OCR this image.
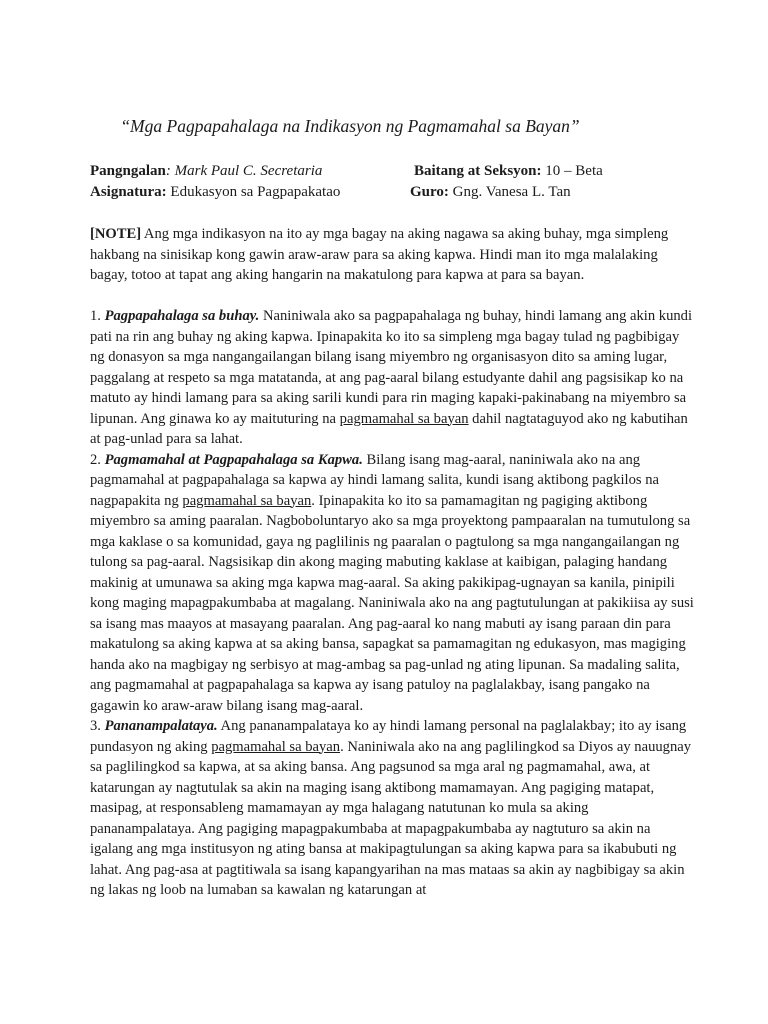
“Mga Pagpapahalaga na Indikasyon ng Pagmamahal sa Bayan”
Pangngalan: Mark Paul C. Secretaria	Baitang at Seksyon: 10 – Beta
Asignatura: Edukasyon sa Pagpapakatao	Guro: Gng. Vanesa L. Tan

[NOTE] Ang mga indikasyon na ito ay mga bagay na aking nagawa sa aking buhay, mga simpleng hakbang na sinisikap kong gawin araw-araw para sa aking kapwa. Hindi man ito mga malalaking bagay, totoo at tapat ang aking hangarin na makatulong para kapwa at para sa bayan.

1. Pagpapahalaga sa buhay. Naniniwala ako sa pagpapahalaga ng buhay, hindi lamang ang akin kundi pati na rin ang buhay ng aking kapwa. Ipinapakita ko ito sa simpleng mga bagay tulad ng pagbibigay ng donasyon sa mga nangangailangan bilang isang miyembro ng organisasyon dito sa aming lugar, paggalang at respeto sa mga matatanda, at ang pag-aaral bilang estudyante dahil ang pagsisikap ko na matuto ay hindi lamang para sa aking sarili kundi para rin maging kapaki-pakinabang na miyembro sa lipunan. Ang ginawa ko ay maituturing na pagmamahal sa bayan dahil nagtataguyod ako ng kabutihan at pag-unlad para sa lahat.

2. Pagmamahal at Pagpapahalaga sa Kapwa. Bilang isang mag-aaral, naniniwala ako na ang pagmamahal at pagpapahalaga sa kapwa ay hindi lamang salita, kundi isang aktibong pagkilos na nagpapakita ng pagmamahal sa bayan. Ipinapakita ko ito sa pamamagitan ng pagiging aktibong miyembro sa aming paaralan. Nagboboluntaryo ako sa mga proyektong pampaaralan na tumutulong sa mga kaklase o sa komunidad, gaya ng paglilinis ng paaralan o pagtulong sa mga nangangailangan ng tulong sa pag-aaral. Nagsisikap din akong maging mabuting kaklase at kaibigan, palaging handang makinig at umunawa sa aking mga kapwa mag-aaral. Sa aking pakikipag-ugnayan sa kanila, pinipili kong maging mapagpakumbaba at magalang. Naniniwala ako na ang pagtutulungan at pakikiisa ay susi sa isang mas maayos at masayang paaralan. Ang pag-aaral ko nang mabuti ay isang paraan din para makatulong sa aking kapwa at sa aking bansa, sapagkat sa pamamagitan ng edukasyon, mas magiging handa ako na magbigay ng serbisyo at mag-ambag sa pag-unlad ng ating lipunan. Sa madaling salita, ang pagmamahal at pagpapahalaga sa kapwa ay isang patuloy na paglalakbay, isang pangako na gagawin ko araw-araw bilang isang mag-aaral.

3. Pananampalataya. Ang pananampalataya ko ay hindi lamang personal na paglalakbay; ito ay isang pundasyon ng aking pagmamahal sa bayan. Naniniwala ako na ang paglilingkod sa Diyos ay nauugnay sa paglilingkod sa kapwa, at sa aking bansa. Ang pagsunod sa mga aral ng pagmamahal, awa, at katarungan ay nagtutulak sa akin na maging isang aktibong mamamayan. Ang pagiging matapat, masipag, at responsableng mamamayan ay mga halagang natutunan ko mula sa aking pananampalataya. Ang pagiging mapagpakumbaba at mapagpakumbaba ay nagtuturo sa akin na igalang ang mga institusyon ng ating bansa at makipagtulungan sa aking kapwa para sa ikabubuti ng lahat. Ang pag-asa at pagtitiwala sa isang kapangyarihan na mas mataas sa akin ay nagbibigay sa akin ng lakas ng loob na lumaban sa kawalan ng katarungan at
